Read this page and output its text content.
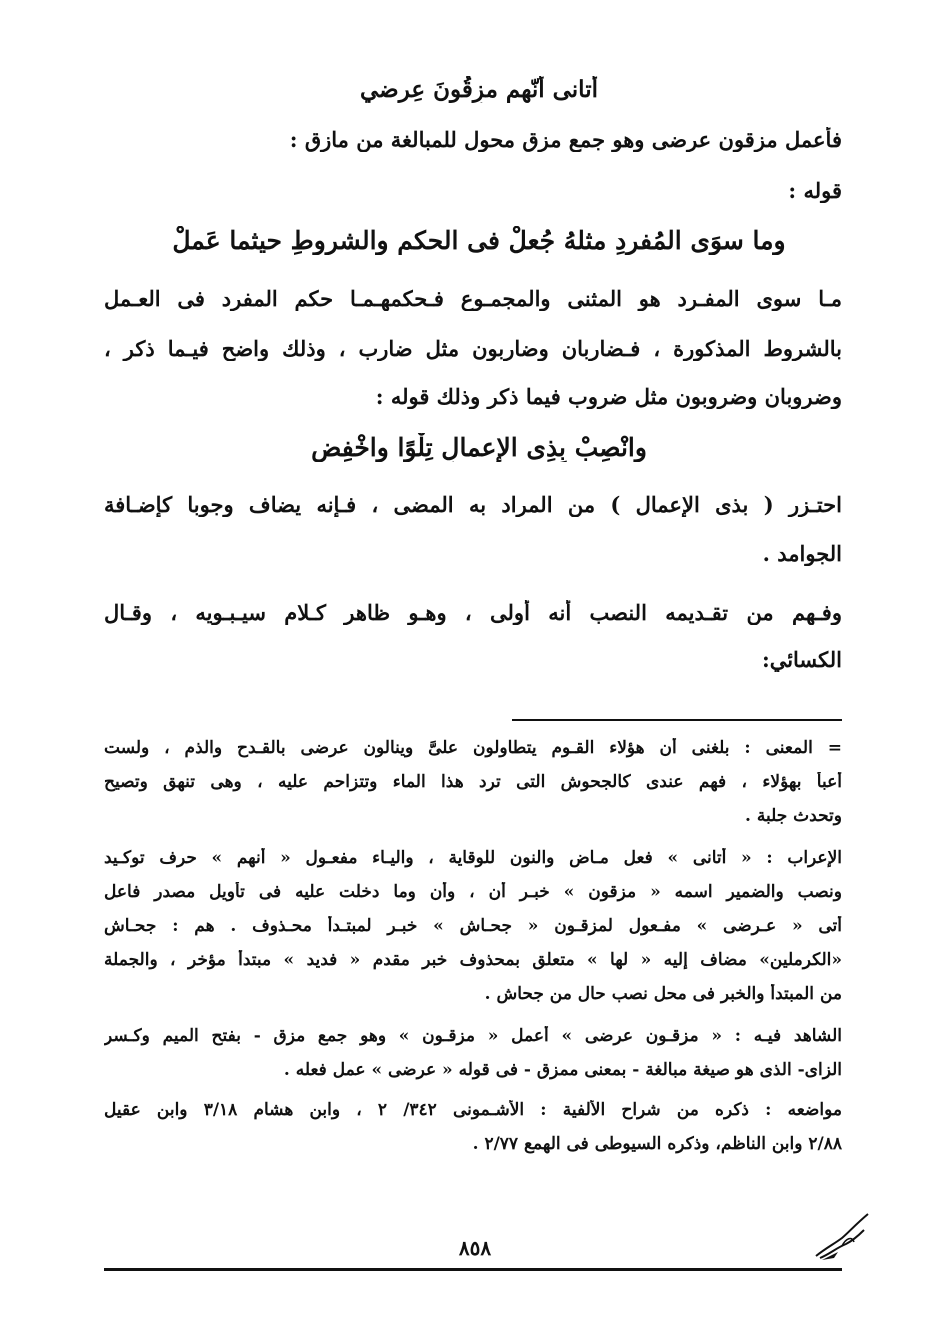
أتانى أنّهم مزِقُونَ عِرضي
فأعمل مزقون عرضى وهو جمع مزق محول للمبالغة من مازق :
قوله :
وما سوَى المُفردِ مثلهُ جُعلْ فى الحكم والشروطِ حيثما عَملْ
مـا سوى المفـرد هو المثنى والمجمـوع فـحكمهـمـا حكم المفرد فى العـمل
بالشروط المذكورة ، فـضاربان وضاربون مثل ضارب ، وذلك واضح فيـما ذكر ،
وضروبان وضروبون مثل ضروب فيما ذكر وذلك قوله :
وانْصِبْ بِذِى الإعمالِ تِلْوًا واخْفِضِ
احتـزر ( بذى الإعمال ) من المراد به المضى ، فـإنه يضاف وجوبا كإضـافة
الجوامد .
وفـهم من تقـديمه النصب أنه أولى ، وهـو ظاهر كـلام سيـبـويه ، وقـال
الكسائي:
= المعنى : بلغنى أن هؤلاء القـوم يتطاولون علىَّ وينالون عرضى بالقـدح والذم ، ولست
أعبأ بهؤلاء ، فهم عندى كالجحوش التى ترد هذا الماء وتتزاحم عليه ، وهى تنهق وتصيح
وتحدث جلبة .
الإعراب : « أتانى » فعل مـاض والنون للوقاية ، واليـاء مفعـول « أنهم » حرف توكـيد
ونصب والضمير اسمه « مزقون » خبـر أن ، وأن وما دخلت عليه فى تأويل مصدر فاعل
أتى « عـرضى » مفـعول لمزقـون « جحـاش » خبـر لمبتـدأ محـذوف . هم : جحـاش
«الكرملين» مضاف إليه « لها » متعلق بمحذوف خبر مقدم « فديد » مبتدأ مؤخر ، والجملة
من المبتدأ والخبر فى محل نصب حال من جحاش .
الشاهد فيـه : « مزقـون عرضى » أعمل « مزقـون » وهو جمع مزق - بفتح الميم وكـسر
الزاى- الذى هو صيغة مبالغة - بمعنى ممزق - فى قوله « عرضى » عمل فعله .
مواضعه : ذكره من شراح الألفية : الأشـمونى ٣٤٢/ ٢ ، وابن هشام ٣/١٨ وابن عقيل
٢/٨٨ وابن الناظم، وذكره السيوطى فى الهمع ٢/٧٧ .
٨٥٨
